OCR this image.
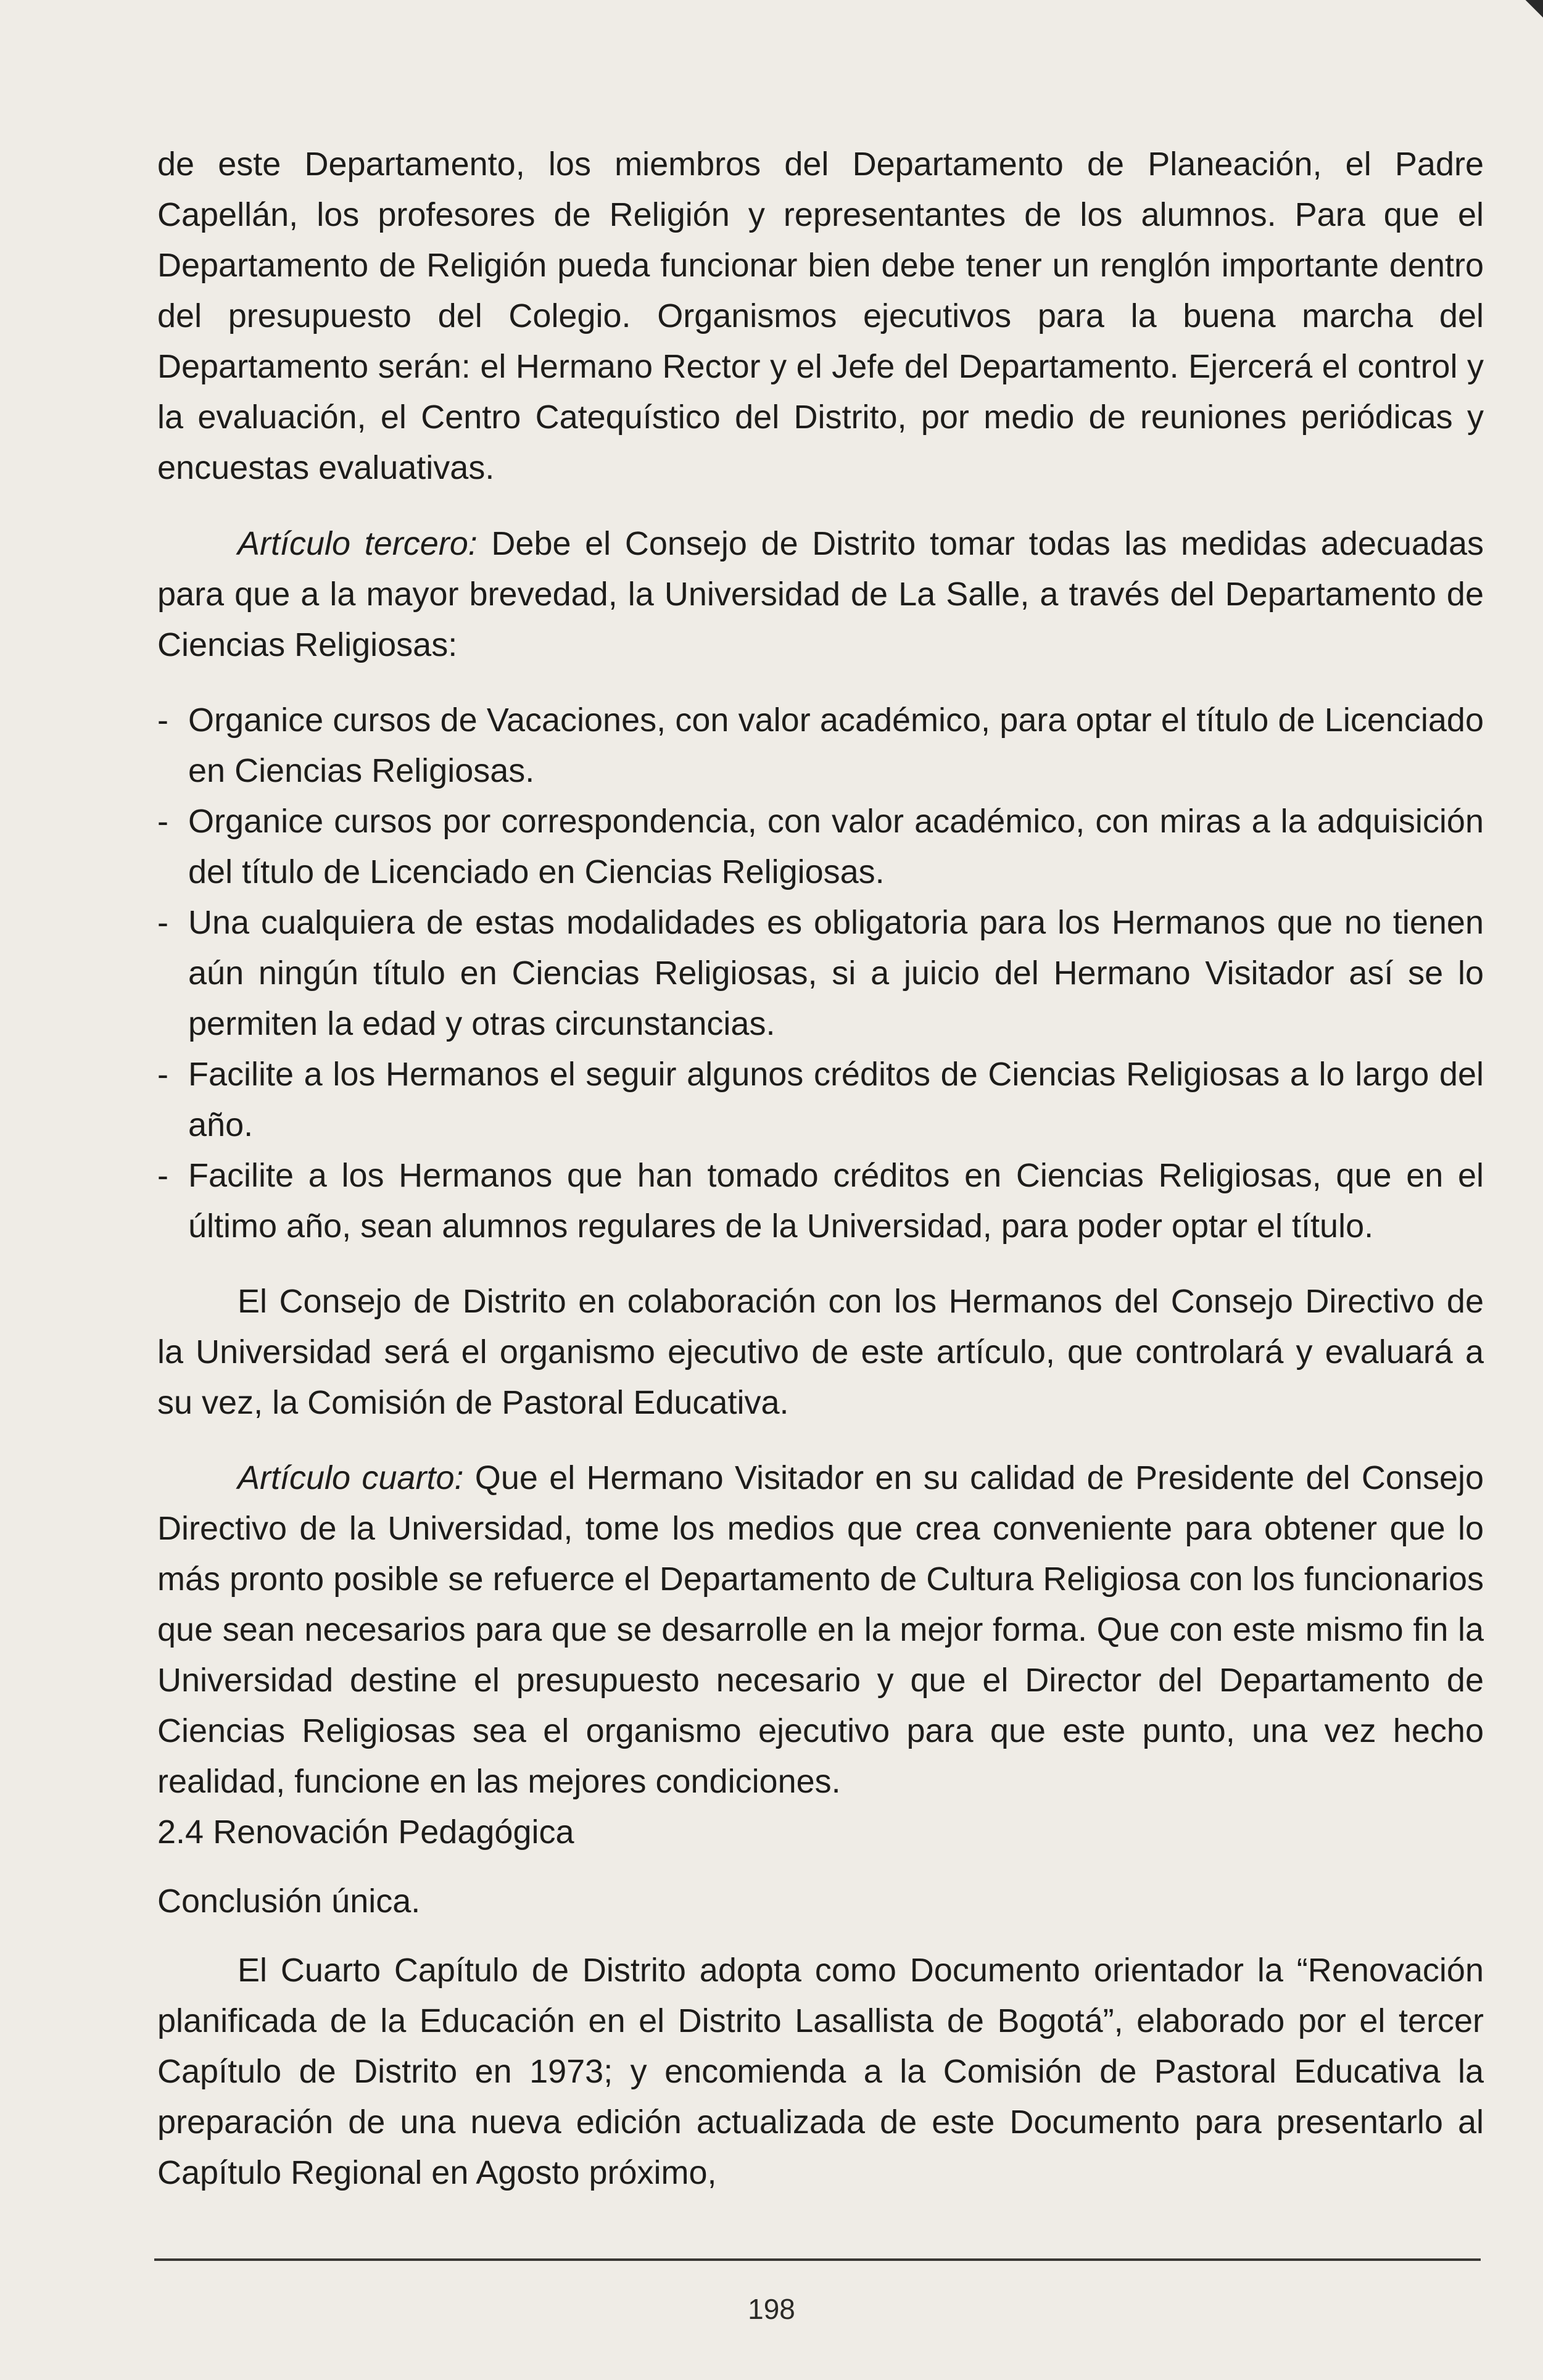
de este Departamento, los miembros del Departamento de Planeación, el Padre Capellán, los profesores de Religión y representantes de los alumnos. Para que el Departamento de Religión pueda funcionar bien debe tener un renglón importante dentro del presupuesto del Colegio. Organismos ejecutivos para la buena marcha del Departamento serán: el Hermano Rector y el Jefe del Departamento. Ejercerá el control y la evaluación, el Centro Catequístico del Distrito, por medio de reuniones periódicas y encuestas evaluativas.

Artículo tercero: Debe el Consejo de Distrito tomar todas las medidas adecuadas para que a la mayor brevedad, la Universidad de La Salle, a través del Departamento de Ciencias Religiosas:

- Organice cursos de Vacaciones, con valor académico, para optar el título de Licenciado en Ciencias Religiosas.
- Organice cursos por correspondencia, con valor académico, con miras a la adquisición del título de Licenciado en Ciencias Religiosas.
- Una cualquiera de estas modalidades es obligatoria para los Hermanos que no tienen aún ningún título en Ciencias Religiosas, si a juicio del Hermano Visitador así se lo permiten la edad y otras circunstancias.
- Facilite a los Hermanos el seguir algunos créditos de Ciencias Religiosas a lo largo del año.
- Facilite a los Hermanos que han tomado créditos en Ciencias Religiosas, que en el último año, sean alumnos regulares de la Universidad, para poder optar el título.

El Consejo de Distrito en colaboración con los Hermanos del Consejo Directivo de la Universidad será el organismo ejecutivo de este artículo, que controlará y evaluará a su vez, la Comisión de Pastoral Educativa.

Artículo cuarto: Que el Hermano Visitador en su calidad de Presidente del Consejo Directivo de la Universidad, tome los medios que crea conveniente para obtener que lo más pronto posible se refuerce el Departamento de Cultura Religiosa con los funcionarios que sean necesarios para que se desarrolle en la mejor forma. Que con este mismo fin la Universidad destine el presupuesto necesario y que el Director del Departamento de Ciencias Religiosas sea el organismo ejecutivo para que este punto, una vez hecho realidad, funcione en las mejores condiciones.

2.4 Renovación Pedagógica

Conclusión única.

El Cuarto Capítulo de Distrito adopta como Documento orientador la “Renovación planificada de la Educación en el Distrito Lasallista de Bogotá”, elaborado por el tercer Capítulo de Distrito en 1973; y encomienda a la Comisión de Pastoral Educativa la preparación de una nueva edición actualizada de este Documento para presentarlo al Capítulo Regional en Agosto próximo,

198
